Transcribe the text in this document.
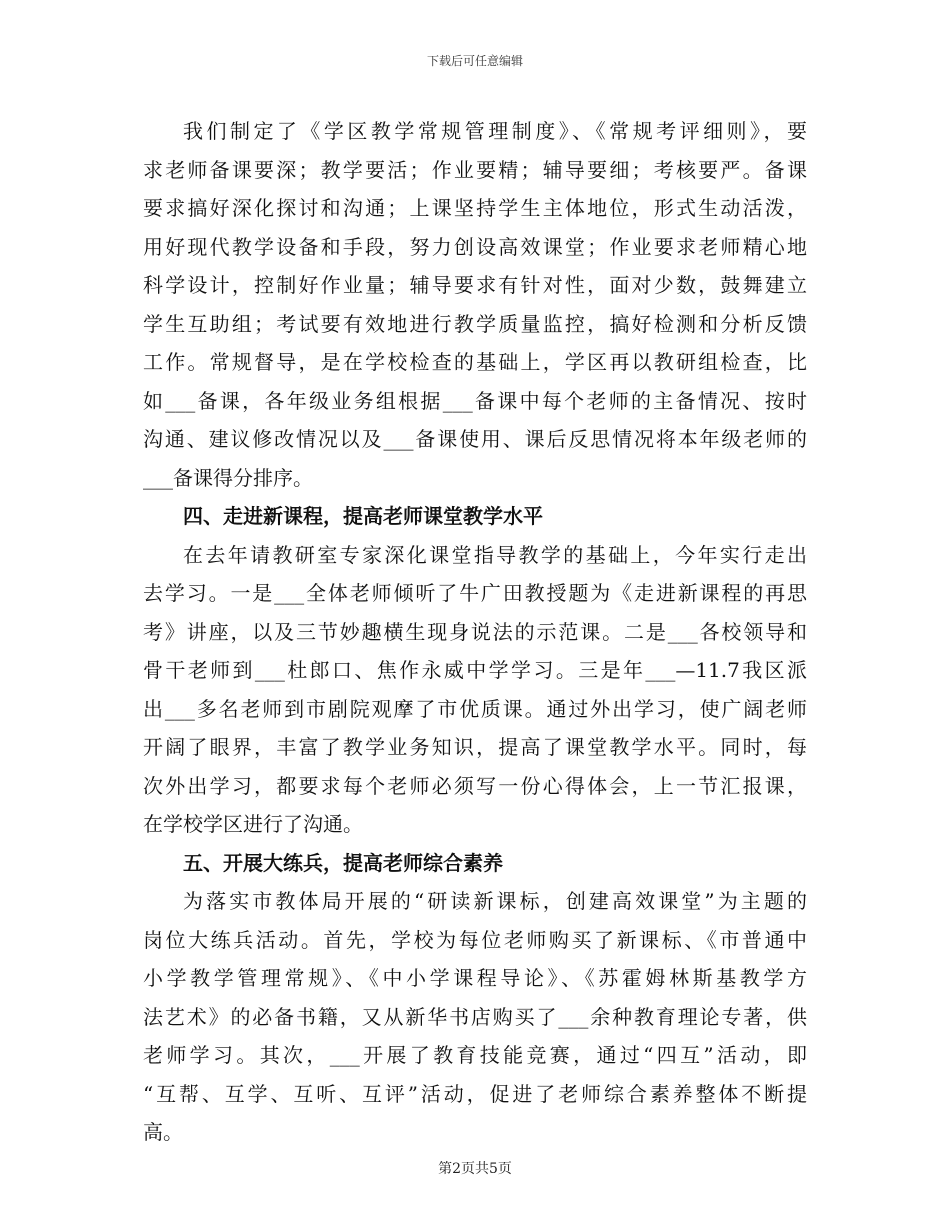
下载后可任意编辑
我们制定了《学区教学常规管理制度》、《常规考评细则》，要
求老师备课要深；教学要活；作业要精；辅导要细；考核要严。备课
要求搞好深化探讨和沟通；上课坚持学生主体地位，形式生动活泼，
用好现代教学设备和手段，努力创设高效课堂；作业要求老师精心地
科学设计，控制好作业量；辅导要求有针对性，面对少数，鼓舞建立
学生互助组；考试要有效地进行教学质量监控，搞好检测和分析反馈
工作。常规督导，是在学校检查的基础上，学区再以教研组检查，比
如___备课，各年级业务组根据___备课中每个老师的主备情况、按时
沟通、建议修改情况以及___备课使用、课后反思情况将本年级老师的
___备课得分排序。
四、走进新课程，提高老师课堂教学水平
在去年请教研室专家深化课堂指导教学的基础上，今年实行走出
去学习。一是___全体老师倾听了牛广田教授题为《走进新课程的再思
考》讲座，以及三节妙趣横生现身说法的示范课。二是___各校领导和
骨干老师到___杜郎口、焦作永威中学学习。三是年___—11.7我区派
出___多名老师到市剧院观摩了市优质课。通过外出学习，使广阔老师
开阔了眼界，丰富了教学业务知识，提高了课堂教学水平。同时，每
次外出学习，都要求每个老师必须写一份心得体会，上一节汇报课，
在学校学区进行了沟通。
五、开展大练兵，提高老师综合素养
为落实市教体局开展的“研读新课标，创建高效课堂”为主题的
岗位大练兵活动。首先，学校为每位老师购买了新课标、《市普通中
小学教学管理常规》、《中小学课程导论》、《苏霍姆林斯基教学方
法艺术》的必备书籍，又从新华书店购买了___余种教育理论专著，供
老师学习。其次，___开展了教育技能竞赛，通过“四互”活动，即
“互帮、互学、互听、互评”活动，促进了老师综合素养整体不断提
高。
第2页共5页
